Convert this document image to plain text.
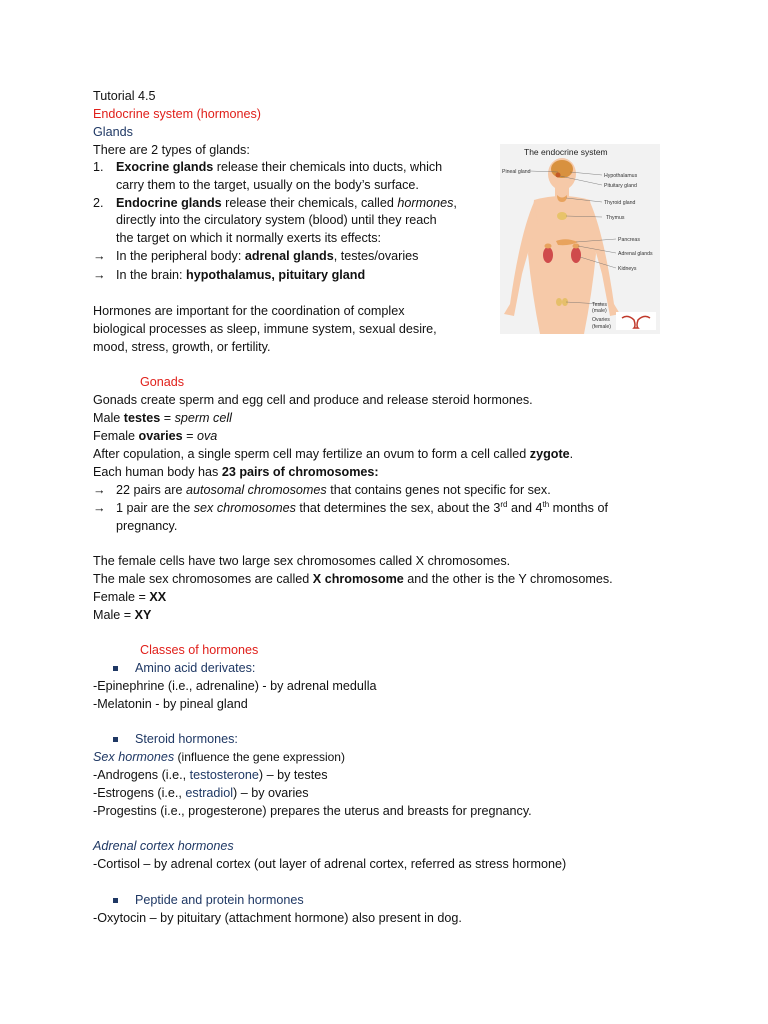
Tutorial 4.5
Endocrine system (hormones)
Glands
There are 2 types of glands:
1. Exocrine glands release their chemicals into ducts, which
carry them to the target, usually on the body’s surface.
2. Endocrine glands release their chemicals, called hormones,
directly into the circulatory system (blood) until they reach
the target on which it normally exerts its effects:
→ In the peripheral body: adrenal glands, testes/ovaries
→ In the brain: hypothalamus, pituitary gland
Hormones are important for the coordination of complex
biological processes as sleep, immune system, sexual desire,
mood, stress, growth, or fertility.
The endocrine system
Pineal gland
Hypothalamus
Pituitary gland
Thyroid gland
Thymus
Pancreas
Adrenal glands
Kidneys
Testes
(male)
Ovaries
(female)
Gonads
Gonads create sperm and egg cell and produce and release steroid hormones.
Male testes = sperm cell
Female ovaries = ova
After copulation, a single sperm cell may fertilize an ovum to form a cell called zygote.
Each human body has 23 pairs of chromosomes:
→ 22 pairs are autosomal chromosomes that contains genes not specific for sex.
→ 1 pair are the sex chromosomes that determines the sex, about the 3rd and 4th months of
pregnancy.
The female cells have two large sex chromosomes called X chromosomes.
The male sex chromosomes are called X chromosome and the other is the Y chromosomes.
Female = XX
Male = XY
Classes of hormones
Amino acid derivates:
-Epinephrine (i.e., adrenaline) - by adrenal medulla
-Melatonin - by pineal gland
Steroid hormones:
Sex hormones (influence the gene expression)
-Androgens (i.e., testosterone) – by testes
-Estrogens (i.e., estradiol) – by ovaries
-Progestins (i.e., progesterone) prepares the uterus and breasts for pregnancy.
Adrenal cortex hormones
-Cortisol – by adrenal cortex (out layer of adrenal cortex, referred as stress hormone)
Peptide and protein hormones
-Oxytocin – by pituitary (attachment hormone) also present in dog.
